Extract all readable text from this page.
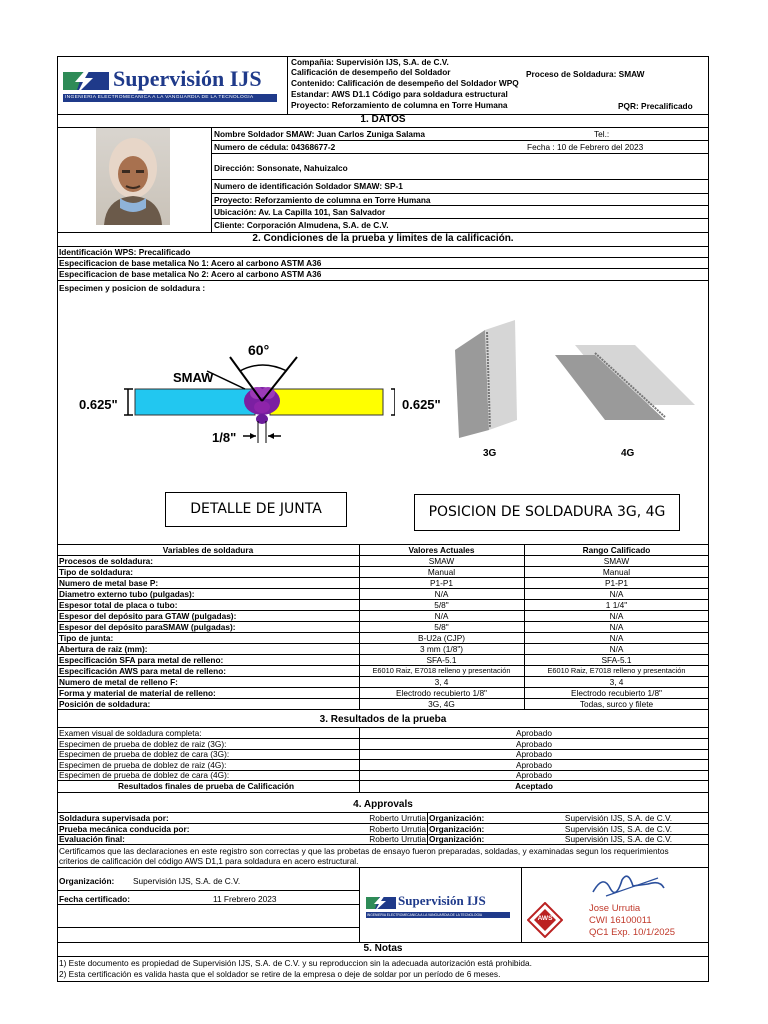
Supervisión IJS
INGENIERIA ELECTROMECANICA A LA VANGUARDIA DE LA TECNOLOGIA
Compañia: Supervisión IJS, S.A. de C.V.
Calificación de desempeño del Soldador
Contenido: Calificación de desempeño del Soldador WPQ
Estandar: AWS D1.1 Código para soldadura estructural
Proyecto: Reforzamiento de columna en Torre Humana
Proceso de Soldadura: SMAW
PQR: Precalificado
1. DATOS
Nombre Soldador SMAW: Juan Carlos Zuniga Salama	Tel.:
Numero de cédula: 04368677-2	Fecha : 10 de Febrero del 2023
Dirección: Sonsonate, Nahuizalco
Numero de identificación Soldador SMAW: SP-1
Proyecto: Reforzamiento de columna en Torre Humana
Ubicación: Av. La Capilla 101, San Salvador
Cliente: Corporación Almudena, S.A. de C.V.
2. Condiciones de la prueba y limites de la calificación.
Identificación WPS: Precalificado
Especificacion de base metalica No 1: Acero al carbono ASTM A36
Especificacion de base metalica No 2: Acero al carbono ASTM A36
Especimen y posicion de soldadura :
60°
SMAW
0.625"	0.625"
1/8"
3G	4G
DETALLE DE JUNTA	POSICION DE SOLDADURA 3G, 4G
Variables de soldadura	Valores Actuales	Rango Calificado
Procesos de soldadura:	SMAW	SMAW
Tipo de soldadura:	Manual	Manual
Numero de metal base P:	P1-P1	P1-P1
Diametro externo tubo (pulgadas):	N/A	N/A
Espesor total de placa o tubo:	5/8"	1 1/4"
Espesor del depósito para GTAW (pulgadas):	N/A	N/A
Espesor del depósito paraSMAW (pulgadas):	5/8"	N/A
Tipo de junta:	B-U2a (CJP)	N/A
Abertura de raiz (mm):	3 mm (1/8")	N/A
Especificación SFA para metal de relleno:	SFA-5.1	SFA-5.1
Especificación AWS para metal de relleno:	E6010 Raiz, E7018 relleno y presentación	E6010 Raiz, E7018 relleno y presentación
Numero de metal de relleno F:	3, 4	3, 4
Forma y material de material de relleno:	Electrodo recubierto 1/8"	Electrodo recubierto 1/8"
Posición de soldadura:	3G, 4G	Todas, surco y filete
3. Resultados de la prueba
Examen visual de soldadura completa:	Aprobado
Especimen de prueba de doblez de raiz (3G):	Aprobado
Especimen de prueba de doblez de cara (3G):	Aprobado
Especimen de prueba de doblez de raiz (4G):	Aprobado
Especimen de prueba de doblez de cara (4G):	Aprobado
Resultados finales de prueba de Calificación	Aceptado
4. Approvals
Soldadura supervisada por:	Roberto Urrutia Organización:	Supervisión IJS, S.A. de C.V.
Prueba mecánica conducida por:	Roberto Urrutia Organización:	Supervisión IJS, S.A. de C.V.
Evaluación final:	Roberto Urrutia Organización:	Supervisión IJS, S.A. de C.V.
Certificamos que las declaraciones en este registro son correctas y que las probetas de ensayo fueron preparadas, soldadas, y examinadas segun los requerimientos
criterios de calificación del código AWS D1,1 para soldadura en acero estructural.
Organización: Supervisión IJS, S.A. de C.V.
Fecha certificado:	11 Frebrero 2023	Supervisión IJS
INGENIERIA ELECTROMECANICA A LA VANGUARDIA DE LA TECNOLOGIA	AWS
Jose Urrutia
CWI 16100011
QC1 Exp. 10/1/2025
5. Notas
1) Este documento es propiedad de Supervisión IJS, S.A. de C.V. y su reproduccion sin la adecuada autorización está prohibida.
2) Esta certificación es valida hasta que el soldador se retire de la empresa o deje de soldar por un período de 6 meses.
